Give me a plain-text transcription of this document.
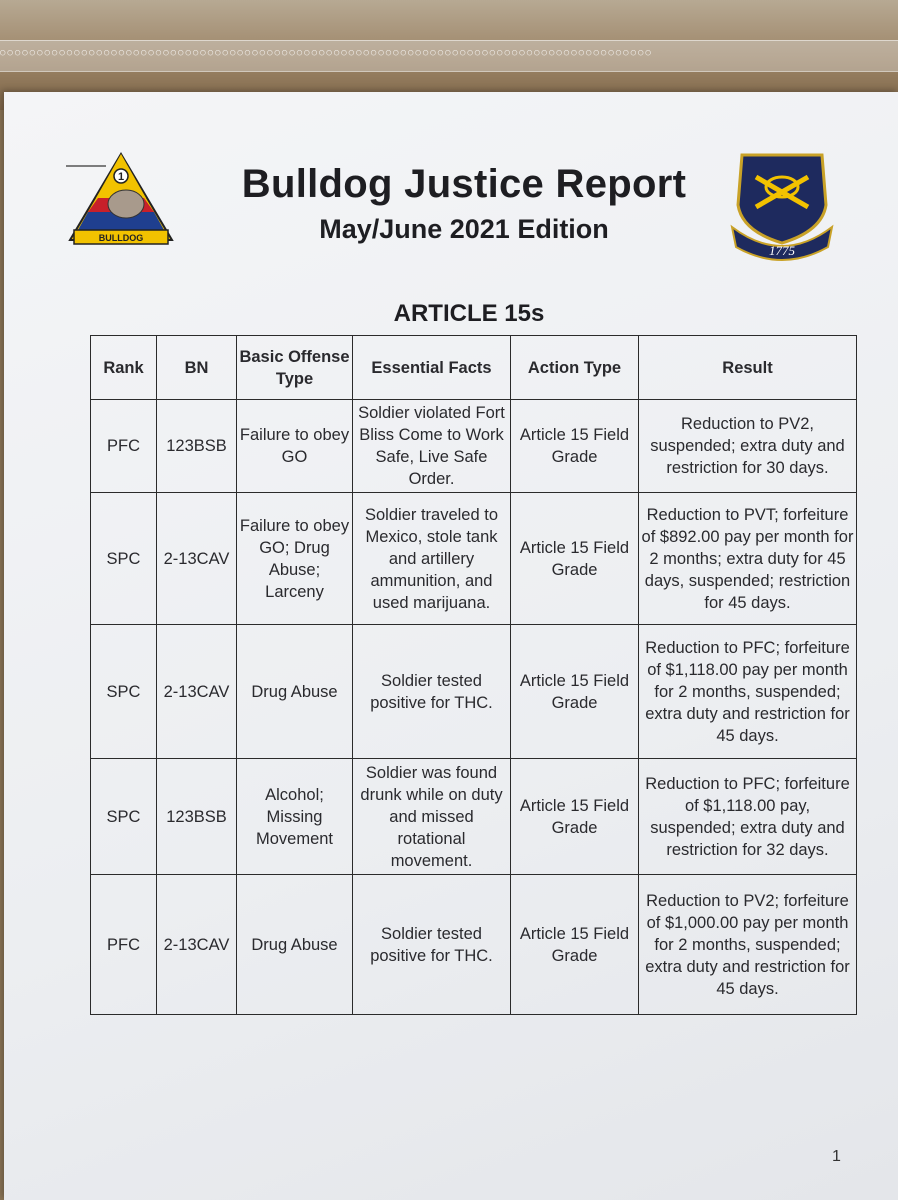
○○○○○○○○○○○○○○○○○○○○○○○○○○○○○○○○○○○○○○○○○○○○○○○○○○○○○○○○○○○○○○○○○○○○○○○○○○○○○○○○○○○○○○○○
1
BULLDOG
Bulldog Justice Report
May/June 2021 Edition
1775
ARTICLE 15s
Rank	BN	Basic Offense Type	Essential Facts	Action Type	Result
PFC	123BSB	Failure to obey GO	Soldier violated Fort Bliss Come to Work Safe, Live Safe Order.	Article 15 Field Grade	Reduction to PV2, suspended; extra duty and restriction for 30 days.
SPC	2-13CAV	Failure to obey GO; Drug Abuse; Larceny	Soldier traveled to Mexico, stole tank and artillery ammunition, and used marijuana.	Article 15 Field Grade	Reduction to PVT; forfeiture of $892.00 pay per month for 2 months; extra duty for 45 days, suspended; restriction for 45 days.
SPC	2-13CAV	Drug Abuse	Soldier tested positive for THC.	Article 15 Field Grade	Reduction to PFC; forfeiture of $1,118.00 pay per month for 2 months, suspended; extra duty and restriction for 45 days.
SPC	123BSB	Alcohol; Missing Movement	Soldier was found drunk while on duty and missed rotational movement.	Article 15 Field Grade	Reduction to PFC; forfeiture of $1,118.00 pay, suspended; extra duty and restriction for 32 days.
PFC	2-13CAV	Drug Abuse	Soldier tested positive for THC.	Article 15 Field Grade	Reduction to PV2; forfeiture of $1,000.00 pay per month for 2 months, suspended; extra duty and restriction for 45 days.
1
